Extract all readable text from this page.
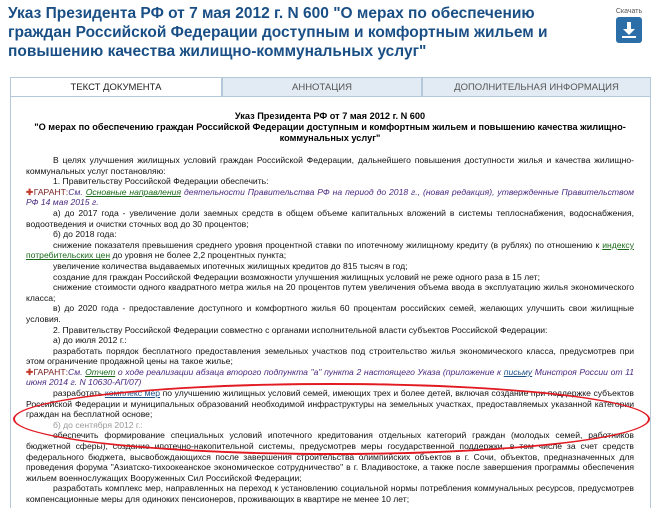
Указ Президента РФ от 7 мая 2012 г. N 600 "О мерах по обеспечению граждан Российской Федерации доступным и комфортным жильем и повышению качества жилищно-коммунальных услуг"
Скачать
ТЕКСТ ДОКУМЕНТА	АННОТАЦИЯ	ДОПОЛНИТЕЛЬНАЯ ИНФОРМАЦИЯ
Указ Президента РФ от 7 мая 2012 г. N 600
"О мерах по обеспечению граждан Российской Федерации доступным и комфортным жильем и повышению качества жилищно-коммунальных услуг"

В целях улучшения жилищных условий граждан Российской Федерации, дальнейшего повышения доступности жилья и качества жилищно-коммунальных услуг постановляю:

1. Правительству Российской Федерации обеспечить:

✚ГАРАНТ:См. Основные направления деятельности Правительства РФ на период до 2018 г., (новая редакция), утвержденные Правительством РФ 14 мая 2015 г.

а) до 2017 года - увеличение доли заемных средств в общем объеме капитальных вложений в системы теплоснабжения, водоснабжения, водоотведения и очистки сточных вод до 30 процентов;

б) до 2018 года:

снижение показателя превышения среднего уровня процентной ставки по ипотечному жилищному кредиту (в рублях) по отношению к индексу потребительских цен до уровня не более 2,2 процентных пункта;

увеличение количества выдаваемых ипотечных жилищных кредитов до 815 тысяч в год;

создание для граждан Российской Федерации возможности улучшения жилищных условий не реже одного раза в 15 лет;

снижение стоимости одного квадратного метра жилья на 20 процентов путем увеличения объема ввода в эксплуатацию жилья экономического класса;

в) до 2020 года - предоставление доступного и комфортного жилья 60 процентам российских семей, желающих улучшить свои жилищные условия.

2. Правительству Российской Федерации совместно с органами исполнительной власти субъектов Российской Федерации:

а) до июля 2012 г.:

разработать порядок бесплатного предоставления земельных участков под строительство жилья экономического класса, предусмотрев при этом ограничение продажной цены на такое жилье;

✚ГАРАНТ:См. Отчет о ходе реализации абзаца второго подпункта "а" пункта 2 настоящего Указа (приложение к письму Минстроя России от 11 июня 2014 г. N 10630-АП/07)

разработать комплекс мер по улучшению жилищных условий семей, имеющих трех и более детей, включая создание при поддержке субъектов Российской Федерации и муниципальных образований необходимой инфраструктуры на земельных участках, предоставляемых указанной категории граждан на бесплатной основе;

б) до сентября 2012 г.:

обеспечить формирование специальных условий ипотечного кредитования отдельных категорий граждан (молодых семей, работников бюджетной сферы), создание ипотечно-накопительной системы, предусмотрев меры государственной поддержки, в том числе за счет средств федерального бюджета, высвобождающихся после завершения строительства олимпийских объектов в г. Сочи, объектов, предназначенных для проведения форума "Азиатско-тихоокеанское экономическое сотрудничество" в г. Владивостоке, а также после завершения программы обеспечения жильем военнослужащих Вооруженных Сил Российской Федерации;

разработать комплекс мер, направленных на переход к установлению социальной нормы потребления коммунальных ресурсов, предусмотрев компенсационные меры для одиноких пенсионеров, проживающих в квартире не менее 10 лет;
